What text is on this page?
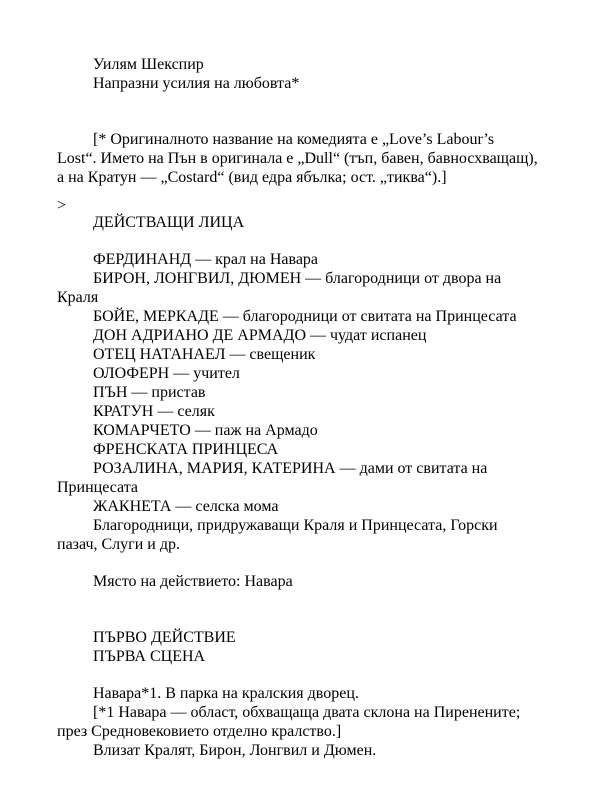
Уилям Шекспир
Напразни усилия на любовта*
[* Оригиналното название на комедията е „Love’s Labour’s
Lost“. Името на Пън в оригинала е „Dull“ (тъп, бавен, бавносхващащ),
а на Кратун — „Costard“ (вид едра ябълка; ост. „тиква“).]
>
ДЕЙСТВАЩИ ЛИЦА
ФЕРДИНАНД — крал на Навара
БИРОН, ЛОНГВИЛ, ДЮМЕН — благородници от двора на
Краля
БОЙЕ, МЕРКАДЕ — благородници от свитата на Принцесата
ДОН АДРИАНО ДЕ АРМАДО — чудат испанец
ОТЕЦ НАТАНАЕЛ — свещеник
ОЛОФЕРН — учител
ПЪН — пристав
КРАТУН — селяк
КОМАРЧЕТО — паж на Армадо
ФРЕНСКАТА ПРИНЦЕСА
РОЗАЛИНА, МАРИЯ, КАТЕРИНА — дами от свитата на
Принцесата
ЖАКНЕТА — селска мома
Благородници, придружаващи Краля и Принцесата, Горски
пазач, Слуги и др.
Място на действието: Навара
ПЪРВО ДЕЙСТВИЕ
ПЪРВА СЦЕНА
Навара*1. В парка на кралския дворец.
[*1 Навара — област, обхващаща двата склона на Пиренените;
през Средновековието отделно кралство.]
Влизат Кралят, Бирон, Лонгвил и Дюмен.
